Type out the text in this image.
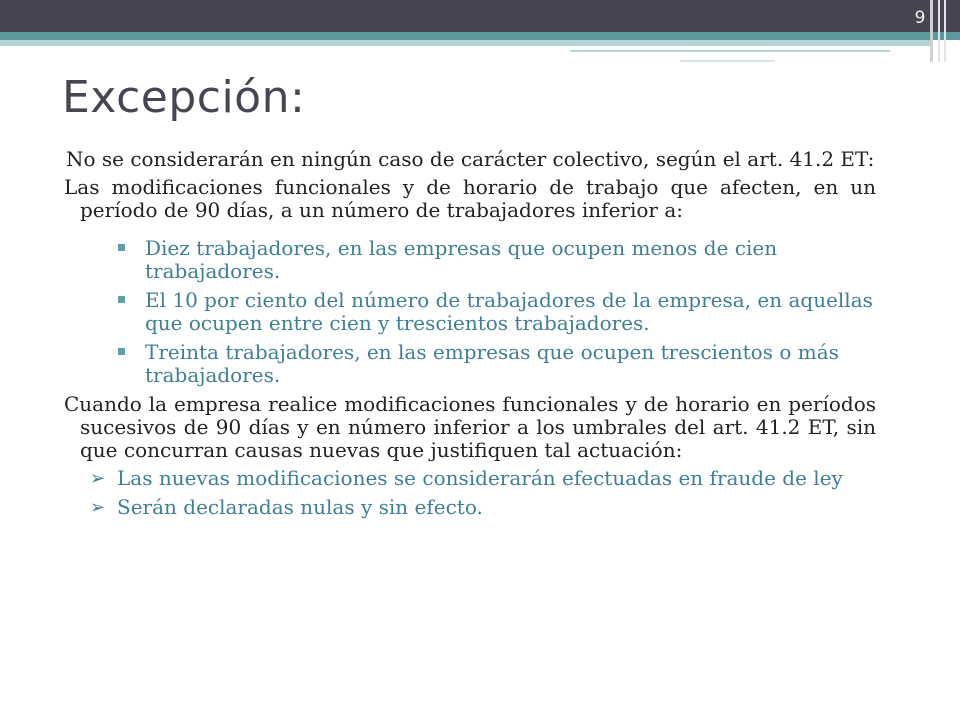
9
Excepción:

No se considerarán en ningún caso de carácter colectivo, según el art. 41.2 ET:

Las modificaciones funcionales y de horario de trabajo que afecten, en un período de 90 días, a un número de trabajadores inferior a:

Diez trabajadores, en las empresas que ocupen menos de cien trabajadores.
El 10 por ciento del número de trabajadores de la empresa, en aquellas que ocupen entre cien y trescientos trabajadores.
Treinta trabajadores, en las empresas que ocupen trescientos o más trabajadores.

Cuando la empresa realice modificaciones funcionales y de horario en períodos sucesivos de 90 días y en número inferior a los umbrales del art. 41.2 ET, sin que concurran causas nuevas que justifiquen tal actuación:

➢ Las nuevas modificaciones se considerarán efectuadas en fraude de ley
➢ Serán declaradas nulas y sin efecto.
